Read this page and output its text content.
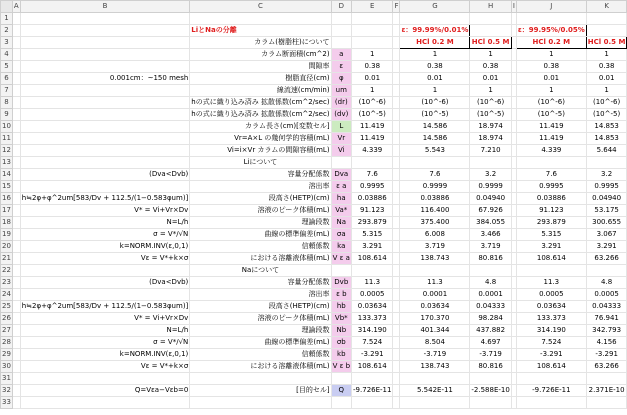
	A	B	C	D	E	F	G	H	I	J	K
1											
2			LiとNaの分離				ε：99.99%/0.01%			ε：99.95%/0.05%	
3			カラム(樹脂柱)について				HCl 0.2 M	HCl 0.5 M		HCl 0.2 M	HCl 0.5 M
4			カラム断面積(cm^2)	a	1		1	1		1	1
5			間隙率	ε	0.38		0.38	0.38		0.38	0.38
6		0.001cm：~150 mesh	樹脂直径(cm)	φ	0.01		0.01	0.01		0.01	0.01
7			線流速(cm/min)	um	1		1	1		1	1
8			hの式に織り込み済み 拡散係数(cm^2/sec)	(dr)	(10^-6)		(10^-6)	(10^-6)		(10^-6)	(10^-6)
9			hの式に織り込み済み 拡散係数(cm^2/sec)	(dv)	(10^-5)		(10^-5)	(10^-5)		(10^-5)	(10^-5)
10			カラム長さ(cm)[変数セル]	L	11.419		14.586	18.974		11.419	14.853
11			Vr=A×L の幾何学的容積(mL)	Vr	11.419		14.586	18.974		11.419	14.853
12			Vi=i×Vr カラムの間隙容積(mL)	Vi	4.339		5.543	7.210		4.339	5.644
13			Liについて								
14		(Dva<Dvb)	容量分配係数	Dva	7.6		7.6	3.2		7.6	3.2
15			溶出率	ε a	0.9995		0.9999	0.9999		0.9995	0.9995
16		h≒2φ+φ^2um[583/Dv + 112.5/(1−0.583φum)]	段高さ(HETP)(cm)	ha	0.03886		0.03886	0.04940		0.03886	0.04940
17		V* = Vi+Vr×Dv	溶液のピーク体積(mL)	Va*	91.123		116.400	67.926		91.123	53.175
18		N=L/h	理論段数	Na	293.879		375.400	384.055		293.879	300.655
19		σ = V*/√N	曲線の標準偏差(mL)	σa	5.315		6.008	3.466		5.315	3.067
20		k=NORM.INV(ε,0,1)	信頼係数	ka	3.291		3.719	3.719		3.291	3.291
21		Vε = V*+k×σ	における溶離液体積(mL)	V ε a	108.614		138.743	80.816		108.614	63.266
22			Naについて								
23		(Dva<Dvb)	容量分配係数	Dvb	11.3		11.3	4.8		11.3	4.8
24			溶出率	ε b	0.0005		0.0001	0.0001		0.0005	0.0005
25		h≒2φ+φ^2um[583/Dv + 112.5/(1−0.583φum)]	段高さ(HETP)(cm)	hb	0.03634		0.03634	0.04333		0.03634	0.04333
26		V* = Vi+Vr×Dv	溶液のピーク体積(mL)	Vb*	133.373		170.370	98.284		133.373	76.941
27		N=L/h	理論段数	Nb	314.190		401.344	437.882		314.190	342.793
28		σ = V*/√N	曲線の標準偏差(mL)	σb	7.524		8.504	4.697		7.524	4.156
29		k=NORM.INV(ε,0,1)	信頼係数	kb	-3.291		-3.719	-3.719		-3.291	-3.291
30		Vε = V*+k×σ	における溶離液体積(mL)	V ε b	108.614		138.743	80.816		108.614	63.266
31											
32		Q=Vεa−Vεb=0	[目的セル]	Q	-9.726E-11		5.542E-11	-2.588E-10		-9.726E-11	2.371E-10
33											
